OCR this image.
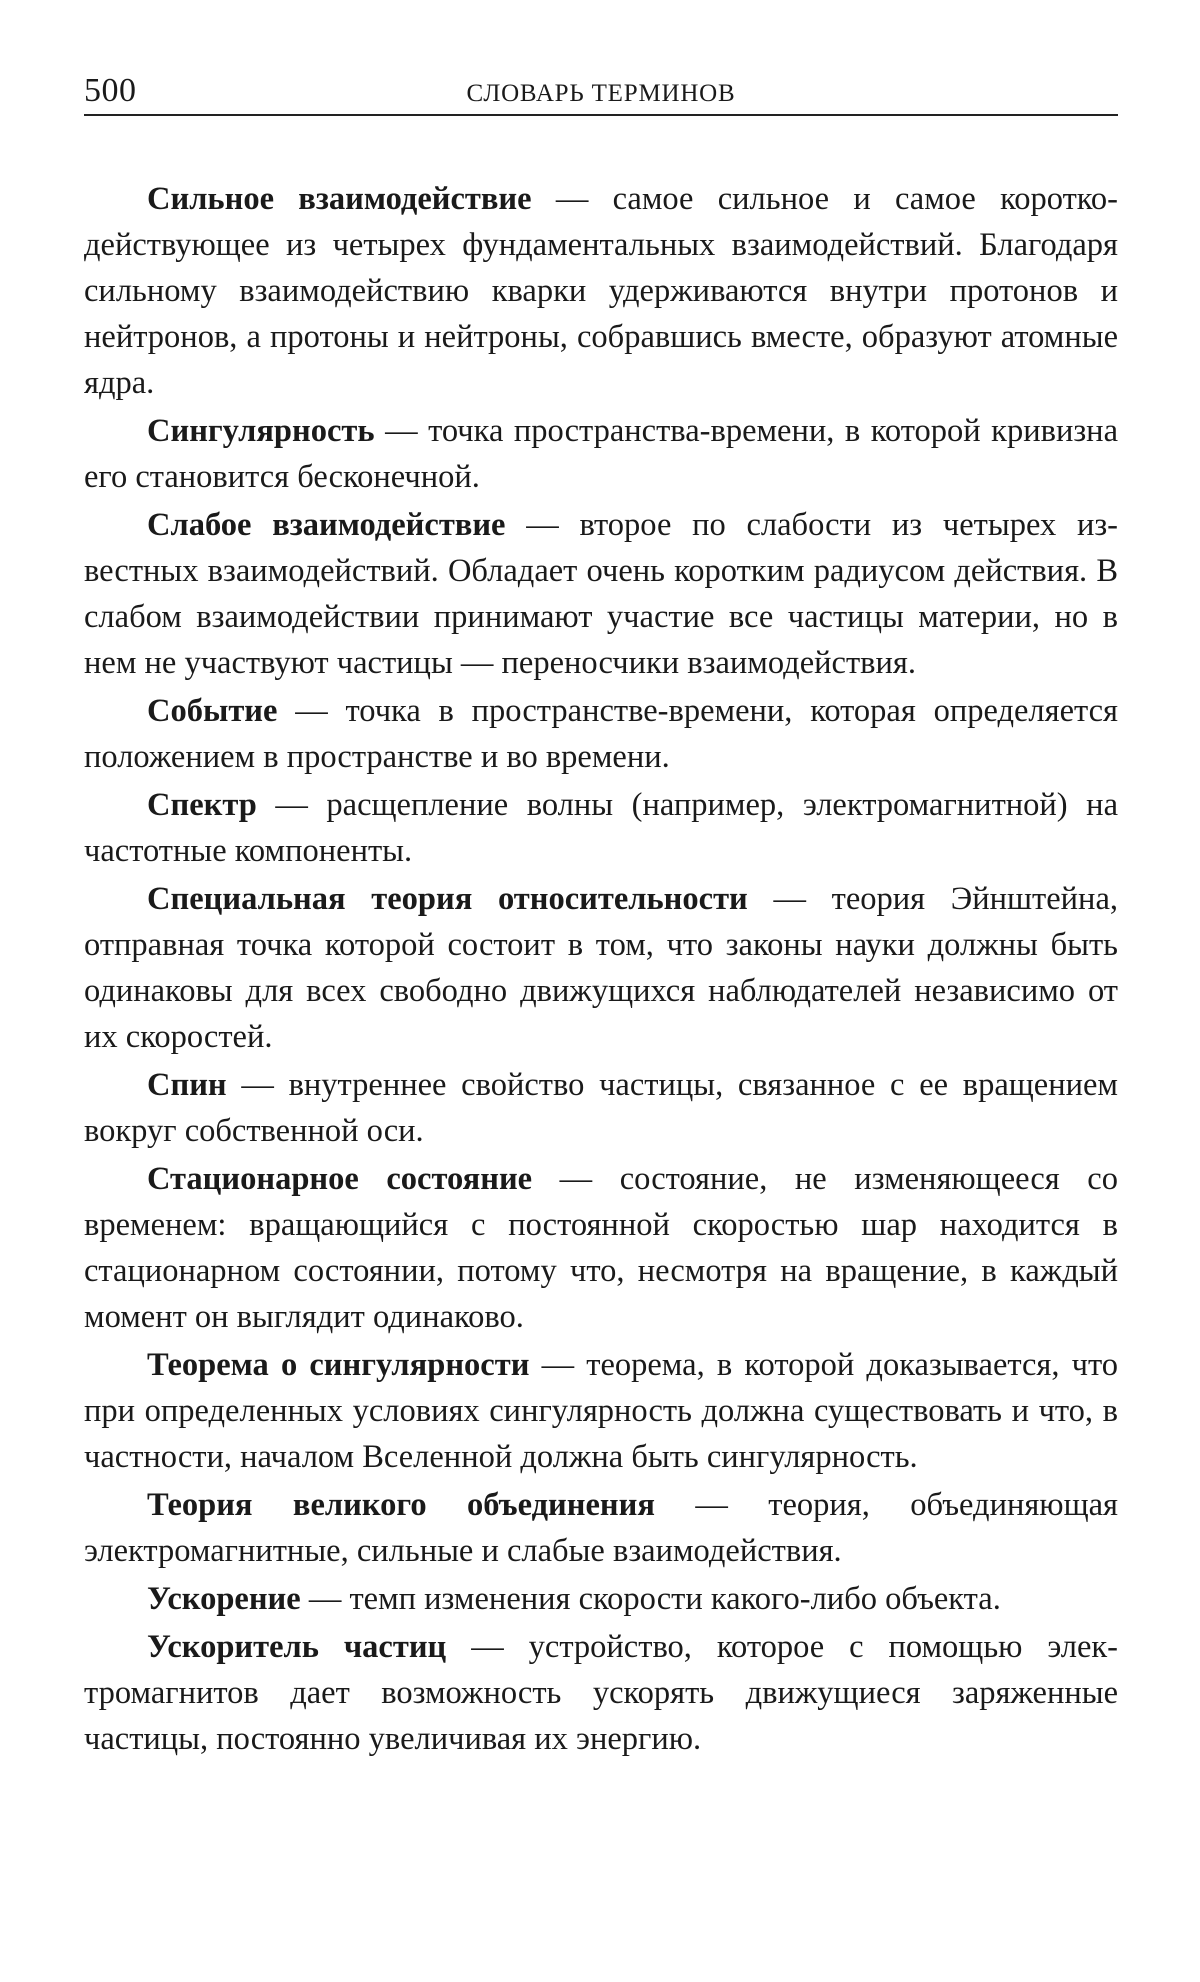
500	СЛОВАРЬ ТЕРМИНОВ

Сильное взаимодействие — самое сильное и самое короткодействующее из четырех фундаментальных взаимодействий. Благодаря сильному взаимодействию кварки удерживаются внутри протонов и нейтронов, а протоны и нейтроны, собравшись вместе, образуют атомные ядра.

Сингулярность — точка пространства-времени, в которой кривизна его становится бесконечной.

Слабое взаимодействие — второе по слабости из четырех известных взаимодействий. Обладает очень коротким радиусом действия. В слабом взаимодействии принимают участие все частицы материи, но в нем не участвуют частицы — переносчики взаимодействия.

Событие — точка в пространстве-времени, которая определяется положением в пространстве и во времени.

Спектр — расщепление волны (например, электромагнитной) на частотные компоненты.

Специальная теория относительности — теория Эйнштейна, отправная точка которой состоит в том, что законы науки должны быть одинаковы для всех свободно движущихся наблюдателей независимо от их скоростей.

Спин — внутреннее свойство частицы, связанное с ее вращением вокруг собственной оси.

Стационарное состояние — состояние, не изменяющееся со временем: вращающийся с постоянной скоростью шар находится в стационарном состоянии, потому что, несмотря на вращение, в каждый момент он выглядит одинаково.

Теорема о сингулярности — теорема, в которой доказывается, что при определенных условиях сингулярность должна существовать и что, в частности, началом Вселенной должна быть сингулярность.

Теория великого объединения — теория, объединяющая электромагнитные, сильные и слабые взаимодействия.

Ускорение — темп изменения скорости какого-либо объекта.

Ускоритель частиц — устройство, которое с помощью электромагнитов дает возможность ускорять движущиеся заряженные частицы, постоянно увеличивая их энергию.
